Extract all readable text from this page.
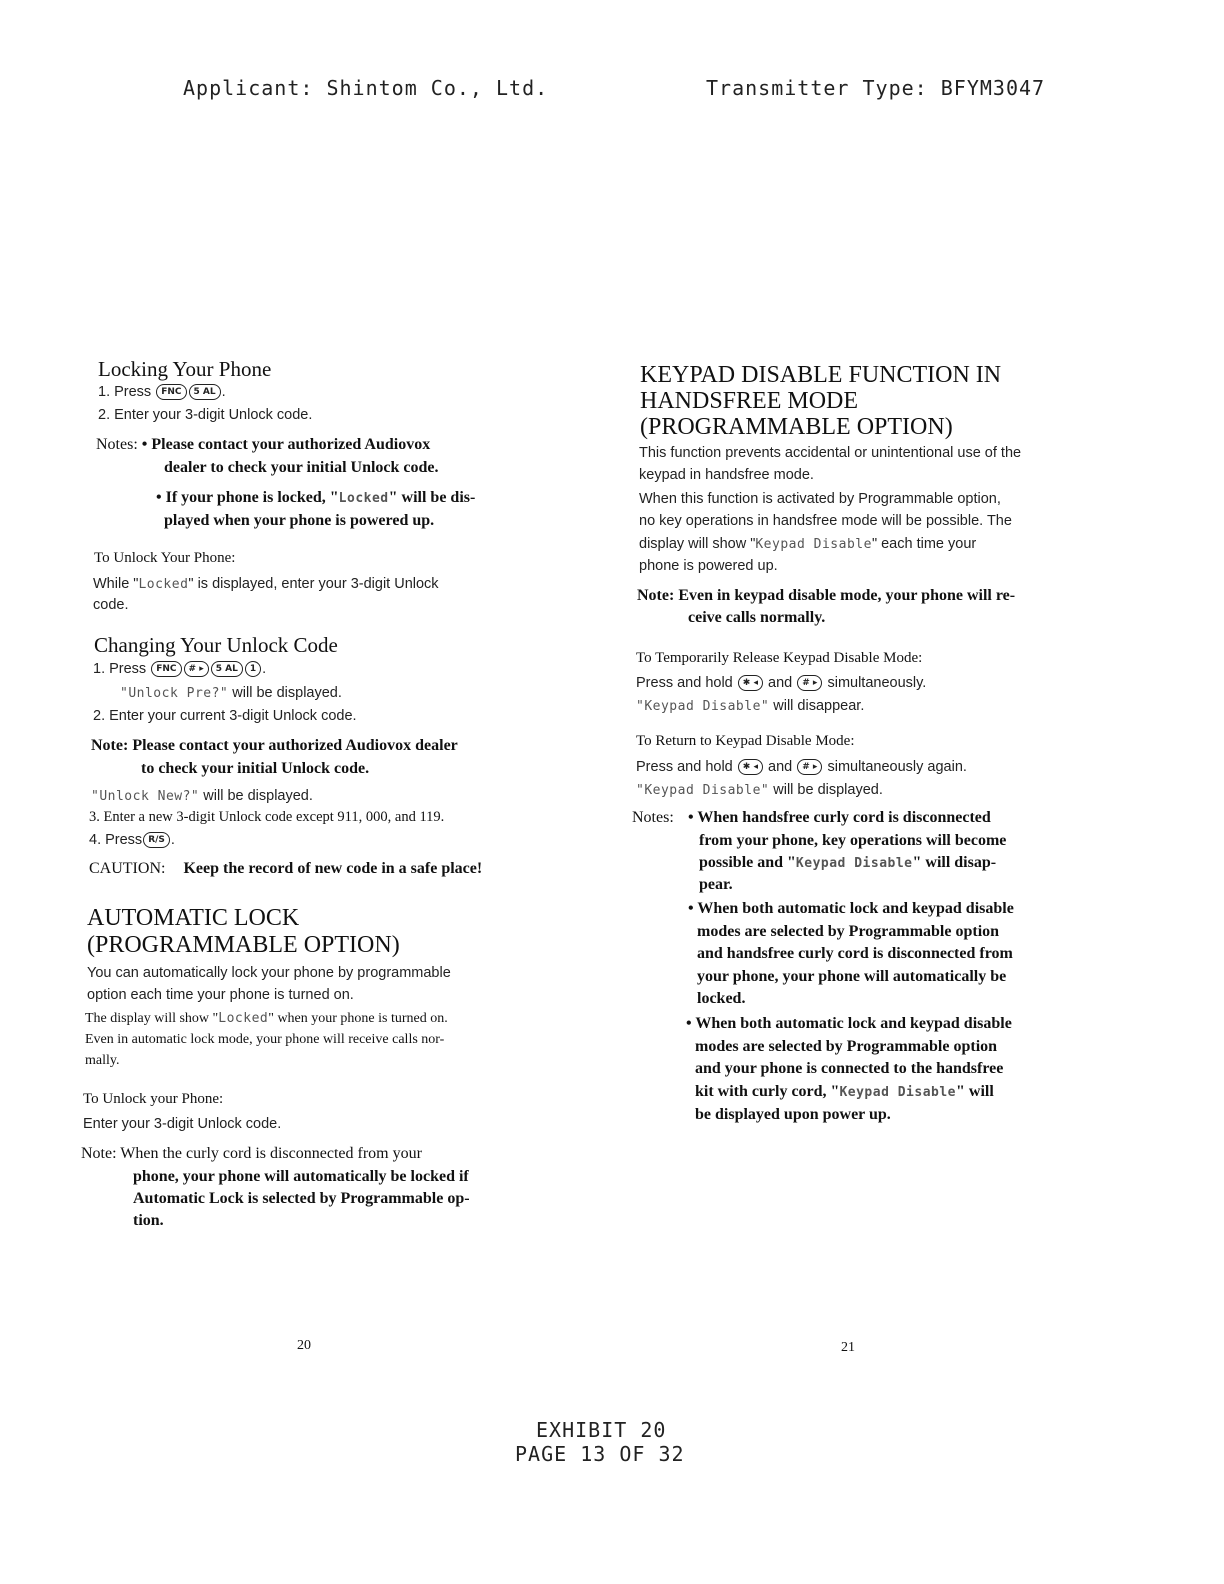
Applicant: Shintom Co., Ltd.	Transmitter Type: BFYM3047
Locking Your Phone
1. Press FNC 5 AL .
2. Enter your 3-digit Unlock code.
Notes: • Please contact your authorized Audiovox
dealer to check your initial Unlock code.
• If your phone is locked, "Locked" will be dis-
played when your phone is powered up.
To Unlock Your Phone:
While "Locked" is displayed, enter your 3-digit Unlock
code.
Changing Your Unlock Code
1. Press FNC # ▸ 5 AL 1 .
"Unlock Pre?" will be displayed.
2. Enter your current 3-digit Unlock code.
Note: Please contact your authorized Audiovox dealer
to check your initial Unlock code.
"Unlock New?" will be displayed.
3. Enter a new 3-digit Unlock code except 911, 000, and 119.
4. Press R/S .
CAUTION: Keep the record of new code in a safe place!
AUTOMATIC LOCK
(PROGRAMMABLE OPTION)
You can automatically lock your phone by programmable
option each time your phone is turned on.
The display will show "Locked" when your phone is turned on.
Even in automatic lock mode, your phone will receive calls nor-
mally.
To Unlock your Phone:
Enter your 3-digit Unlock code.
Note: When the curly cord is disconnected from your
phone, your phone will automatically be locked if
Automatic Lock is selected by Programmable op-
tion.
20
KEYPAD DISABLE FUNCTION IN
HANDSFREE MODE
(PROGRAMMABLE OPTION)
This function prevents accidental or unintentional use of the
keypad in handsfree mode.
When this function is activated by Programmable option,
no key operations in handsfree mode will be possible. The
display will show "Keypad Disable" each time your
phone is powered up.
Note: Even in keypad disable mode, your phone will re-
ceive calls normally.
To Temporarily Release Keypad Disable Mode:
Press and hold ✱ ◂ and # ▸ simultaneously.
"Keypad Disable" will disappear.
To Return to Keypad Disable Mode:
Press and hold ✱ ◂ and # ▸ simultaneously again.
"Keypad Disable" will be displayed.
Notes: • When handsfree curly cord is disconnected
from your phone, key operations will become
possible and "Keypad Disable" will disap-
pear.
• When both automatic lock and keypad disable
modes are selected by Programmable option
and handsfree curly cord is disconnected from
your phone, your phone will automatically be
locked.
• When both automatic lock and keypad disable
modes are selected by Programmable option
and your phone is connected to the handsfree
kit with curly cord, "Keypad Disable" will
be displayed upon power up.
21
EXHIBIT 20
PAGE 13 OF 32
